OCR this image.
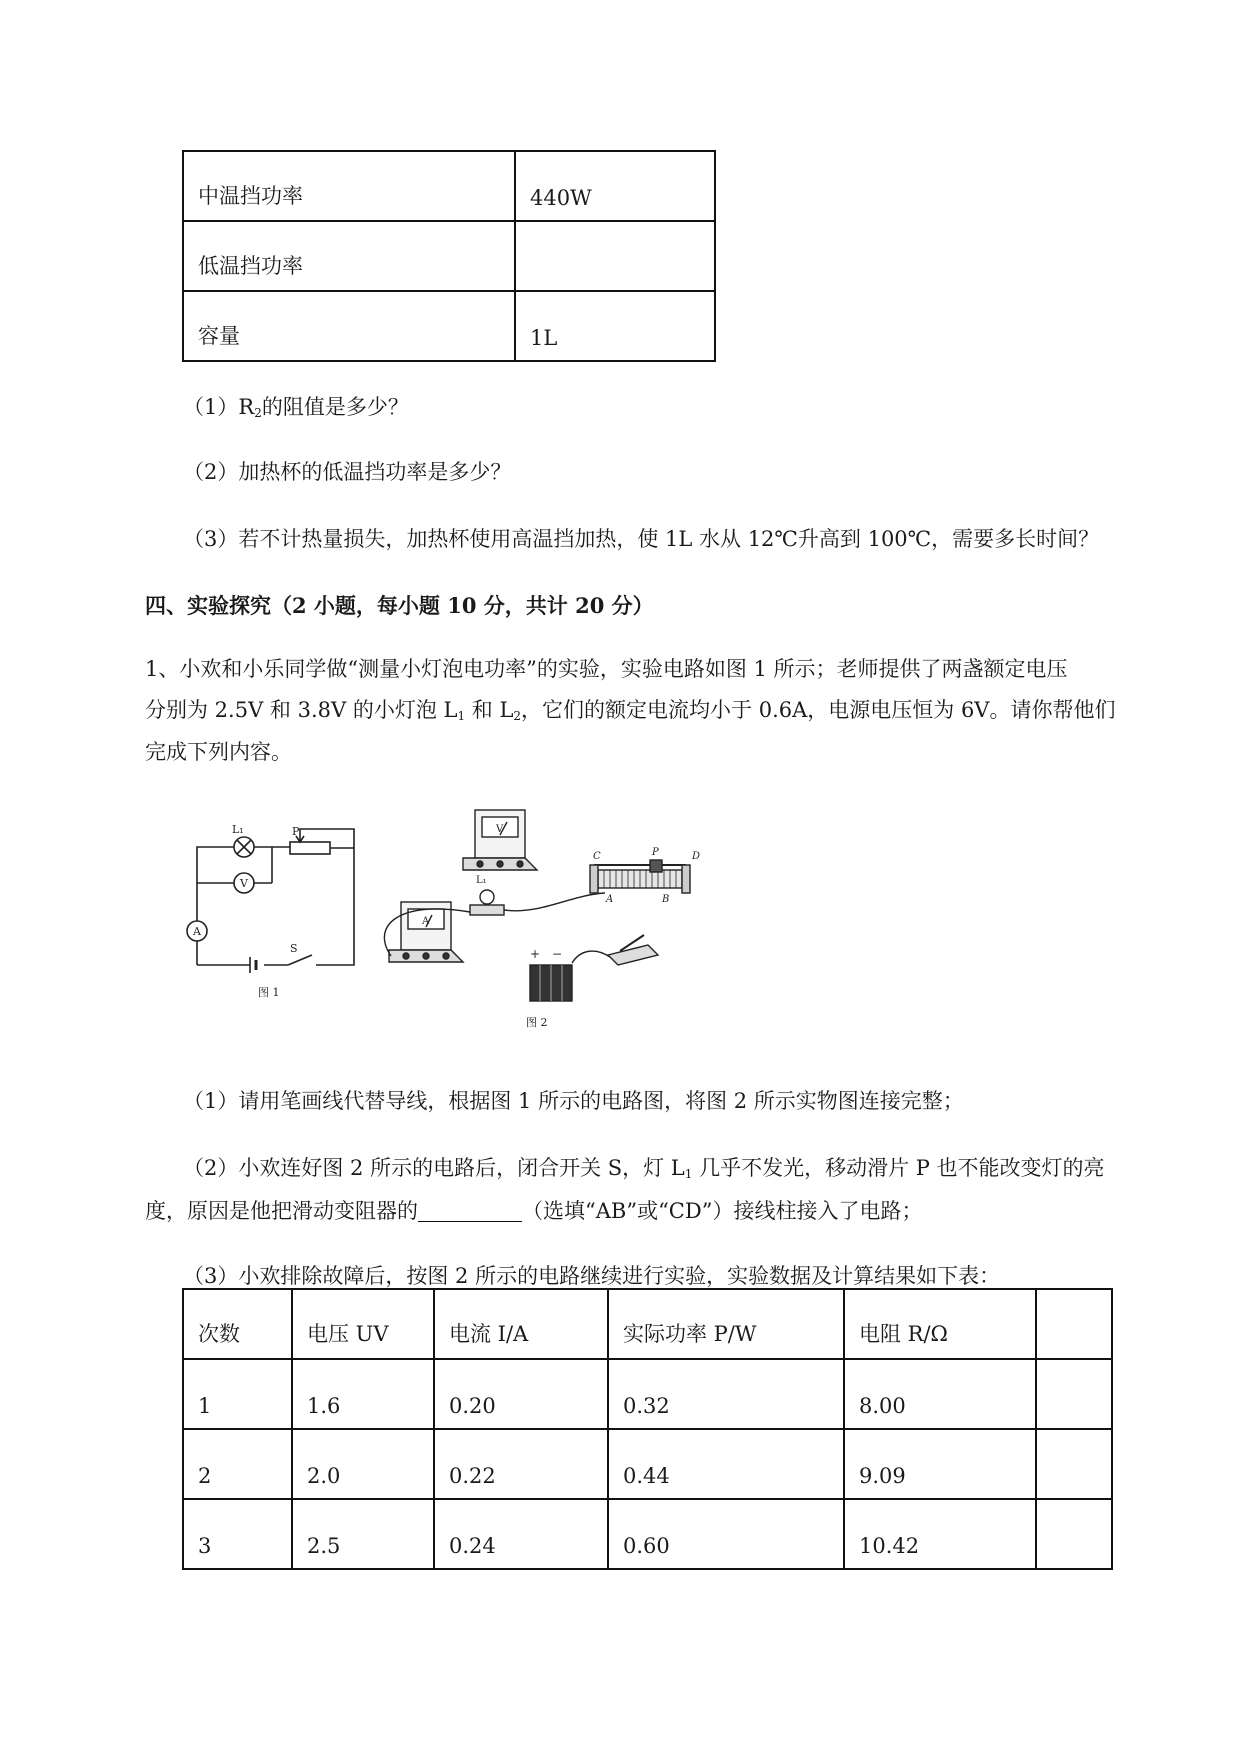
中温挡功率	440W
低温挡功率	
容量	1L
$(1)R_2$的阻值是多少？
（2）加热杯的低温挡功率是多少？
（3）若不计热量损失，加热杯使用高温挡加热，使 1L 水从 12℃升高到 100℃，需要多长时间？
四、实验探究（2 小题，每小题 10 分，共计 20 分）
1、小欢和小乐同学做“测量小灯泡电功率”的实验，实验电路如图 1 所示；老师提供了两盏额定电压
分别为 2.5V 和 3.8V 的小灯泡 $L_1$ 和 $L_2$，它们的额定电流均小于 0.6A，电源电压恒为 6V。请你帮他们
完成下列内容。
L₁	P
V
A
S
图 1
V
A
L₁
C	P	D
A	B
+ −
图 2
（1）请用笔画线代替导线，根据图 1 所示的电路图，将图 2 所示实物图连接完整；
（2）小欢连好图 2 所示的电路后，闭合开关 S，灯 $L_1$ 几乎不发光，移动滑片 P 也不能改变灯的亮
度，原因是他把滑动变阻器的	（选填“AB”或“CD”）接线柱接入了电路；
（3）小欢排除故障后，按图 2 所示的电路继续进行实验，实验数据及计算结果如下表：
次数	电压 UV	电流 I/A	实际功率 P/W	电阻 R/Ω	
1	1.6	0.20	0.32	8.00	
2	2.0	0.22	0.44	9.09	
3	2.5	0.24	0.60	10.42	
